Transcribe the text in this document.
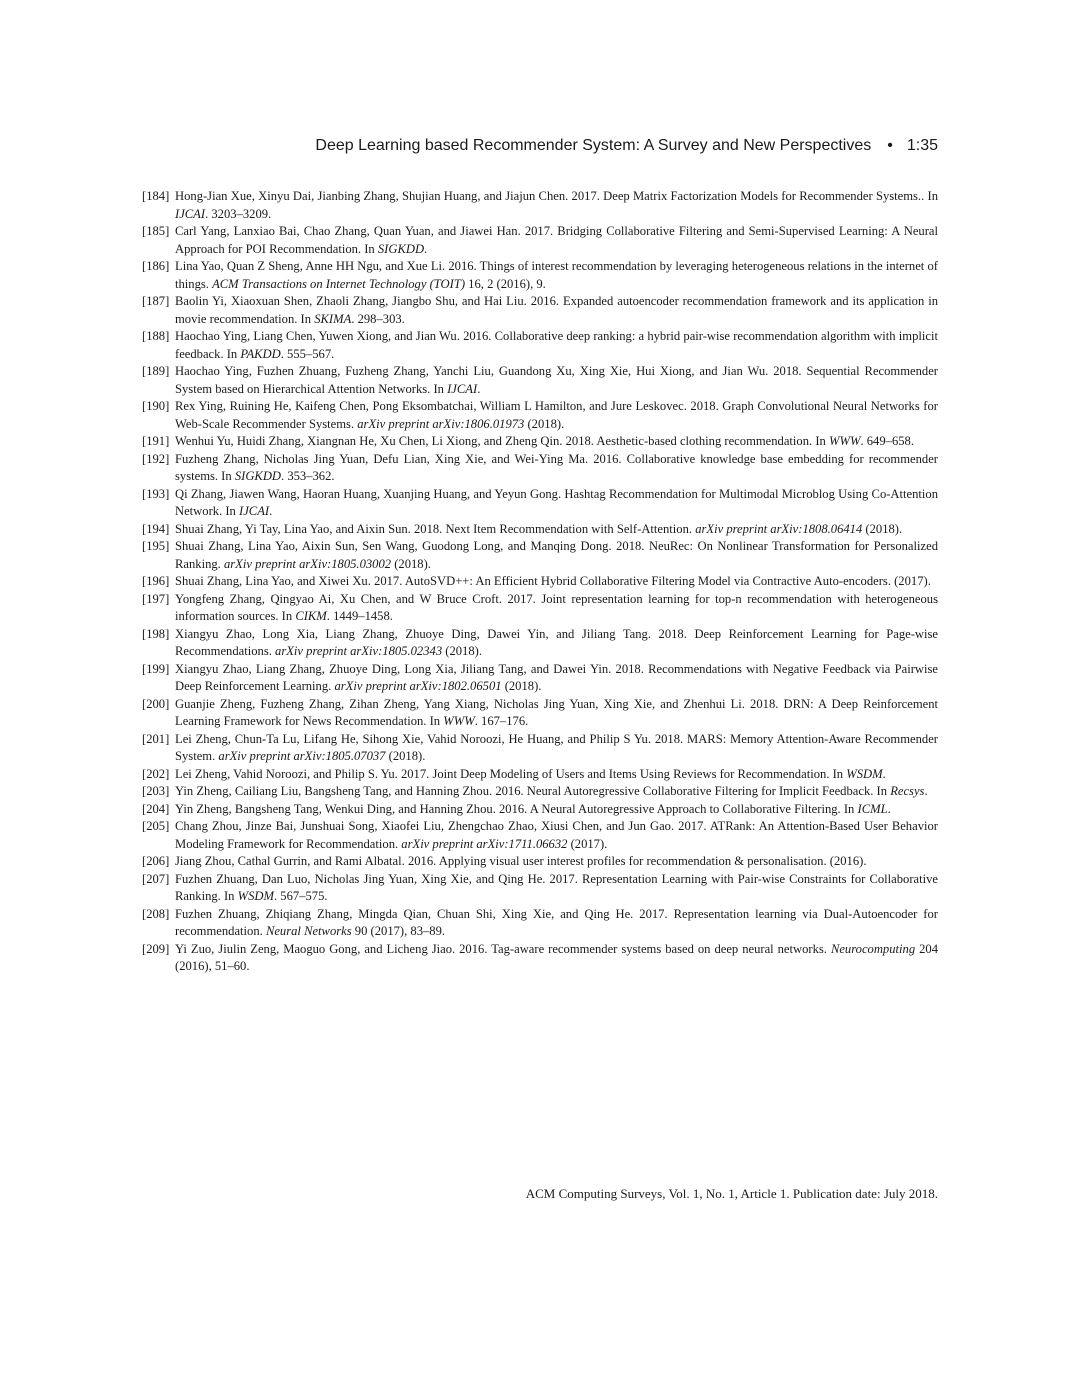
Deep Learning based Recommender System: A Survey and New Perspectives • 1:35

[184] Hong-Jian Xue, Xinyu Dai, Jianbing Zhang, Shujian Huang, and Jiajun Chen. 2017. Deep Matrix Factorization Models for Recommender Systems.. In IJCAI. 3203–3209.

[185] Carl Yang, Lanxiao Bai, Chao Zhang, Quan Yuan, and Jiawei Han. 2017. Bridging Collaborative Filtering and Semi-Supervised Learning: A Neural Approach for POI Recommendation. In SIGKDD.

[186] Lina Yao, Quan Z Sheng, Anne HH Ngu, and Xue Li. 2016. Things of interest recommendation by leveraging heterogeneous relations in the internet of things. ACM Transactions on Internet Technology (TOIT) 16, 2 (2016), 9.

[187] Baolin Yi, Xiaoxuan Shen, Zhaoli Zhang, Jiangbo Shu, and Hai Liu. 2016. Expanded autoencoder recommendation framework and its application in movie recommendation. In SKIMA. 298–303.

[188] Haochao Ying, Liang Chen, Yuwen Xiong, and Jian Wu. 2016. Collaborative deep ranking: a hybrid pair-wise recommendation algorithm with implicit feedback. In PAKDD. 555–567.

[189] Haochao Ying, Fuzhen Zhuang, Fuzheng Zhang, Yanchi Liu, Guandong Xu, Xing Xie, Hui Xiong, and Jian Wu. 2018. Sequential Recommender System based on Hierarchical Attention Networks. In IJCAI.

[190] Rex Ying, Ruining He, Kaifeng Chen, Pong Eksombatchai, William L Hamilton, and Jure Leskovec. 2018. Graph Convolutional Neural Networks for Web-Scale Recommender Systems. arXiv preprint arXiv:1806.01973 (2018).

[191] Wenhui Yu, Huidi Zhang, Xiangnan He, Xu Chen, Li Xiong, and Zheng Qin. 2018. Aesthetic-based clothing recommendation. In WWW. 649–658.

[192] Fuzheng Zhang, Nicholas Jing Yuan, Defu Lian, Xing Xie, and Wei-Ying Ma. 2016. Collaborative knowledge base embedding for recommender systems. In SIGKDD. 353–362.

[193] Qi Zhang, Jiawen Wang, Haoran Huang, Xuanjing Huang, and Yeyun Gong. Hashtag Recommendation for Multimodal Microblog Using Co-Attention Network. In IJCAI.

[194] Shuai Zhang, Yi Tay, Lina Yao, and Aixin Sun. 2018. Next Item Recommendation with Self-Attention. arXiv preprint arXiv:1808.06414 (2018).

[195] Shuai Zhang, Lina Yao, Aixin Sun, Sen Wang, Guodong Long, and Manqing Dong. 2018. NeuRec: On Nonlinear Transformation for Personalized Ranking. arXiv preprint arXiv:1805.03002 (2018).

[196] Shuai Zhang, Lina Yao, and Xiwei Xu. 2017. AutoSVD++: An Efficient Hybrid Collaborative Filtering Model via Contractive Auto-encoders. (2017).

[197] Yongfeng Zhang, Qingyao Ai, Xu Chen, and W Bruce Croft. 2017. Joint representation learning for top-n recommendation with heterogeneous information sources. In CIKM. 1449–1458.

[198] Xiangyu Zhao, Long Xia, Liang Zhang, Zhuoye Ding, Dawei Yin, and Jiliang Tang. 2018. Deep Reinforcement Learning for Page-wise Recommendations. arXiv preprint arXiv:1805.02343 (2018).

[199] Xiangyu Zhao, Liang Zhang, Zhuoye Ding, Long Xia, Jiliang Tang, and Dawei Yin. 2018. Recommendations with Negative Feedback via Pairwise Deep Reinforcement Learning. arXiv preprint arXiv:1802.06501 (2018).

[200] Guanjie Zheng, Fuzheng Zhang, Zihan Zheng, Yang Xiang, Nicholas Jing Yuan, Xing Xie, and Zhenhui Li. 2018. DRN: A Deep Reinforcement Learning Framework for News Recommendation. In WWW. 167–176.

[201] Lei Zheng, Chun-Ta Lu, Lifang He, Sihong Xie, Vahid Noroozi, He Huang, and Philip S Yu. 2018. MARS: Memory Attention-Aware Recommender System. arXiv preprint arXiv:1805.07037 (2018).

[202] Lei Zheng, Vahid Noroozi, and Philip S. Yu. 2017. Joint Deep Modeling of Users and Items Using Reviews for Recommendation. In WSDM.

[203] Yin Zheng, Cailiang Liu, Bangsheng Tang, and Hanning Zhou. 2016. Neural Autoregressive Collaborative Filtering for Implicit Feedback. In Recsys.

[204] Yin Zheng, Bangsheng Tang, Wenkui Ding, and Hanning Zhou. 2016. A Neural Autoregressive Approach to Collaborative Filtering. In ICML.

[205] Chang Zhou, Jinze Bai, Junshuai Song, Xiaofei Liu, Zhengchao Zhao, Xiusi Chen, and Jun Gao. 2017. ATRank: An Attention-Based User Behavior Modeling Framework for Recommendation. arXiv preprint arXiv:1711.06632 (2017).

[206] Jiang Zhou, Cathal Gurrin, and Rami Albatal. 2016. Applying visual user interest profiles for recommendation & personalisation. (2016).

[207] Fuzhen Zhuang, Dan Luo, Nicholas Jing Yuan, Xing Xie, and Qing He. 2017. Representation Learning with Pair-wise Constraints for Collaborative Ranking. In WSDM. 567–575.

[208] Fuzhen Zhuang, Zhiqiang Zhang, Mingda Qian, Chuan Shi, Xing Xie, and Qing He. 2017. Representation learning via Dual-Autoencoder for recommendation. Neural Networks 90 (2017), 83–89.

[209] Yi Zuo, Jiulin Zeng, Maoguo Gong, and Licheng Jiao. 2016. Tag-aware recommender systems based on deep neural networks. Neurocomputing 204 (2016), 51–60.

ACM Computing Surveys, Vol. 1, No. 1, Article 1. Publication date: July 2018.
